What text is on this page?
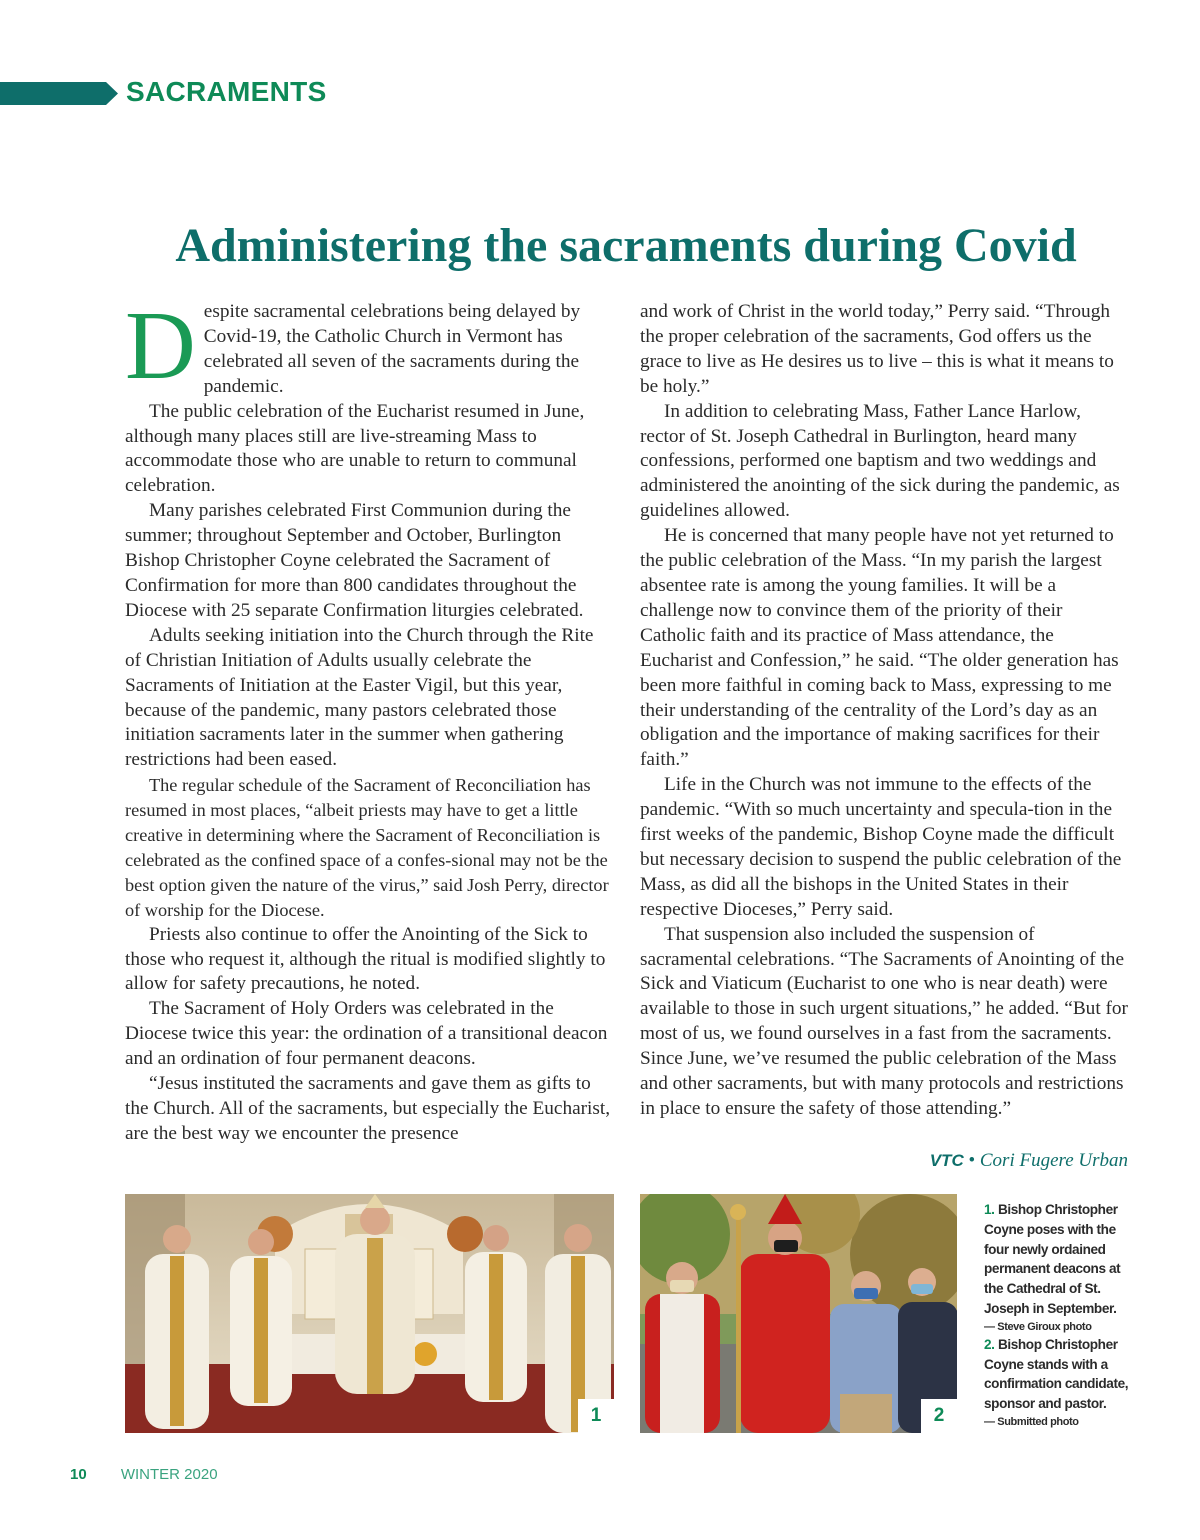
SACRAMENTS
Administering the sacraments during Covid

Despite sacramental celebrations being delayed by Covid-19, the Catholic Church in Vermont has celebrated all seven of the sacraments during the pandemic.

The public celebration of the Eucharist resumed in June, although many places still are live-streaming Mass to accommodate those who are unable to return to communal celebration.

Many parishes celebrated First Communion during the summer; throughout September and October, Burlington Bishop Christopher Coyne celebrated the Sacrament of Confirmation for more than 800 candidates throughout the Diocese with 25 separate Confirmation liturgies celebrated.

Adults seeking initiation into the Church through the Rite of Christian Initiation of Adults usually celebrate the Sacraments of Initiation at the Easter Vigil, but this year, because of the pandemic, many pastors celebrated those initiation sacraments later in the summer when gathering restrictions had been eased.

The regular schedule of the Sacrament of Reconciliation has resumed in most places, “albeit priests may have to get a little creative in determining where the Sacrament of Reconciliation is celebrated as the confined space of a confes-sional may not be the best option given the nature of the virus,” said Josh Perry, director of worship for the Diocese.

Priests also continue to offer the Anointing of the Sick to those who request it, although the ritual is modified slightly to allow for safety precautions, he noted.

The Sacrament of Holy Orders was celebrated in the Diocese twice this year: the ordination of a transitional deacon and an ordination of four permanent deacons.

“Jesus instituted the sacraments and gave them as gifts to the Church. All of the sacraments, but especially the Eucharist, are the best way we encounter the presence

and work of Christ in the world today,” Perry said. “Through the proper celebration of the sacraments, God offers us the grace to live as He desires us to live – this is what it means to be holy.”

In addition to celebrating Mass, Father Lance Harlow, rector of St. Joseph Cathedral in Burlington, heard many confessions, performed one baptism and two weddings and administered the anointing of the sick during the pandemic, as guidelines allowed.

He is concerned that many people have not yet returned to the public celebration of the Mass. “In my parish the largest absentee rate is among the young families. It will be a challenge now to convince them of the priority of their Catholic faith and its practice of Mass attendance, the Eucharist and Confession,” he said. “The older generation has been more faithful in coming back to Mass, expressing to me their understanding of the centrality of the Lord’s day as an obligation and the importance of making sacrifices for their faith.”

Life in the Church was not immune to the effects of the pandemic. “With so much uncertainty and specula-tion in the first weeks of the pandemic, Bishop Coyne made the difficult but necessary decision to suspend the public celebration of the Mass, as did all the bishops in the United States in their respective Dioceses,” Perry said.

That suspension also included the suspension of sacramental celebrations. “The Sacraments of Anointing of the Sick and Viaticum (Eucharist to one who is near death) were available to those in such urgent situations,” he added. “But for most of us, we found ourselves in a fast from the sacraments. Since June, we’ve resumed the public celebration of the Mass and other sacraments, but with many protocols and restrictions in place to ensure the safety of those attending.”

VTC • Cori Fugere Urban
1	2
1. Bishop Christopher Coyne poses with the four newly ordained permanent deacons at the Cathedral of St. Joseph in September.
— Steve Giroux photo
2. Bishop Christopher Coyne stands with a confirmation candidate, sponsor and pastor.
— Submitted photo
10 WINTER 2020
